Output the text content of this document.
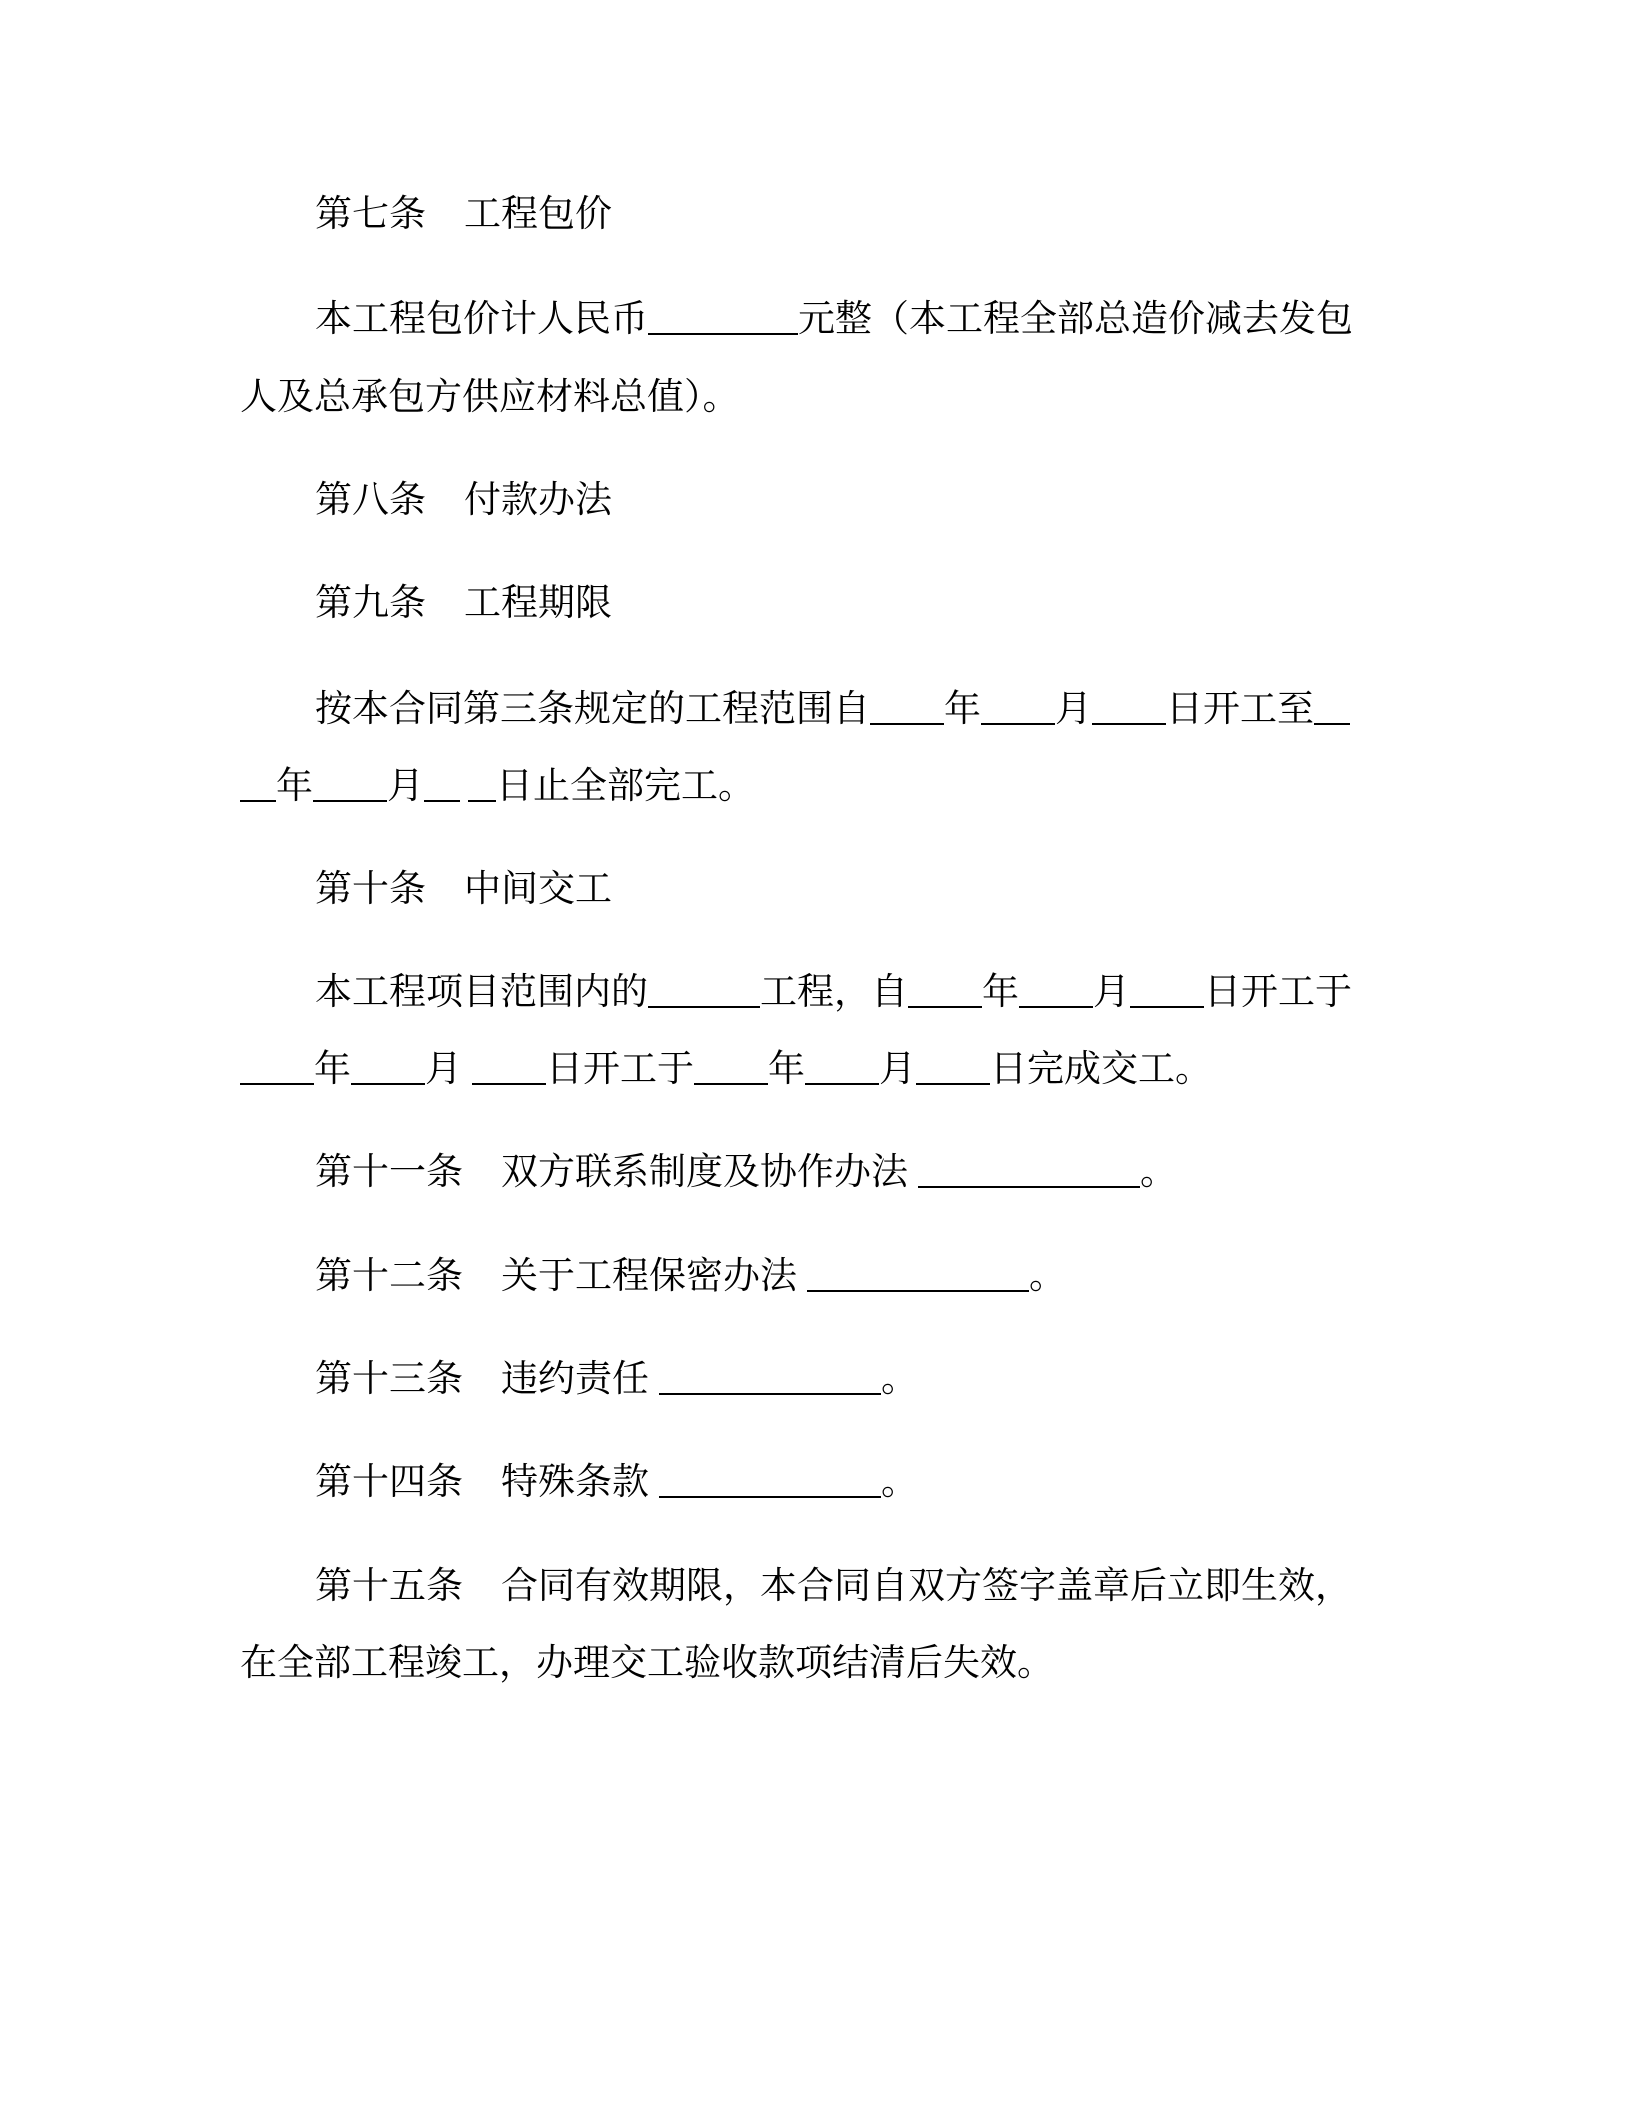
第七条 工程包价
本工程包价计人民币	元整（本工程全部总造价减去发包
人及总承包方供应材料总值）。
第八条 付款办法
第九条 工程期限
按本合同第三条规定的工程范围自 年 月 日开工至
年 月 日止全部完工。
第十条 中间交工
本工程项目范围内的	工程，自 年 月 日开工于
年 月 日开工于 年 月 日完成交工。
第十一条 双方联系制度及协作办法	。
第十二条 关于工程保密办法	。
第十三条 违约责任	。
第十四条 特殊条款	。
第十五条 合同有效期限，本合同自双方签字盖章后立即生效，
在全部工程竣工，办理交工验收款项结清后失效。
